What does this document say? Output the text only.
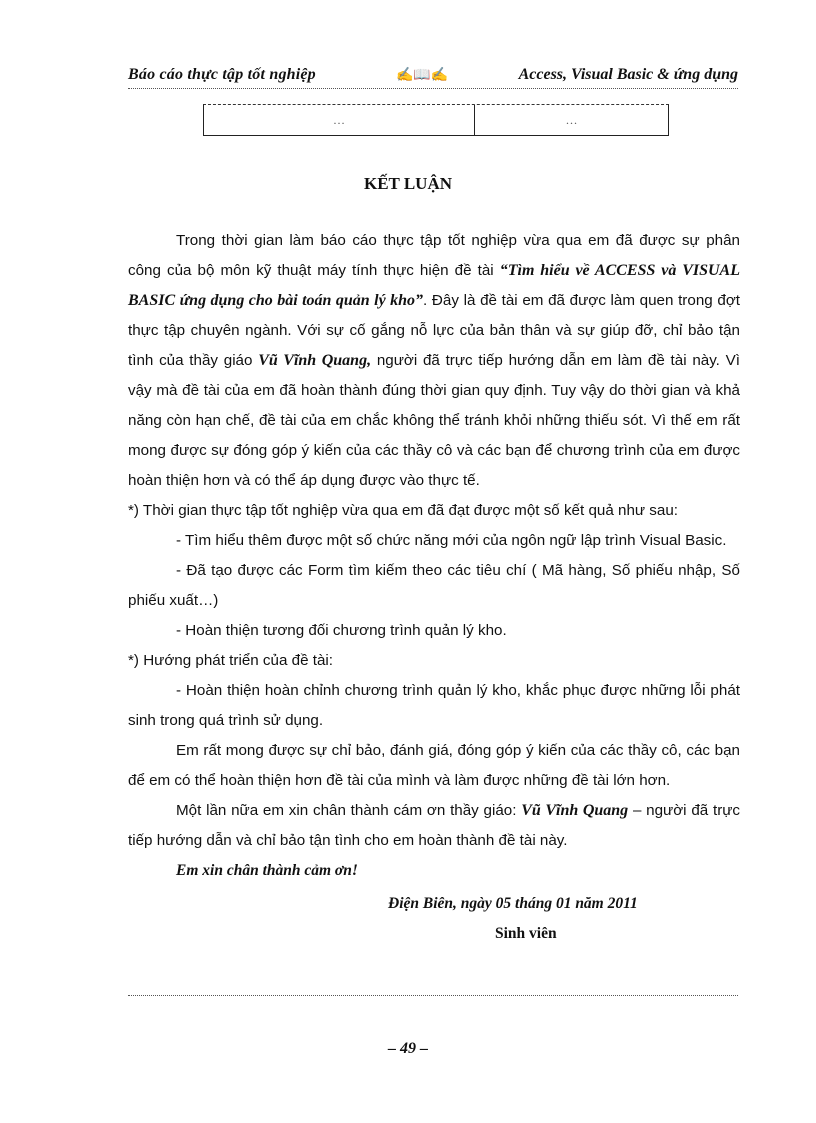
Báo cáo thực tập tốt nghiệp	✍📖✍	Access, Visual Basic & ứng dụng
…	…
KẾT LUẬN

Trong thời gian làm báo cáo thực tập tốt nghiệp vừa qua em đã được sự phân công của bộ môn kỹ thuật máy tính thực hiện đề tài “Tìm hiểu về ACCESS và VISUAL BASIC ứng dụng cho bài toán quản lý kho”. Đây là đề tài em đã được làm quen trong đợt thực tập chuyên ngành. Với sự cố gắng nỗ lực của bản thân và sự giúp đỡ, chỉ bảo tận tình của thầy giáo Vũ Vĩnh Quang, người đã trực tiếp hướng dẫn em làm đề tài này. Vì vậy mà đề tài của em đã hoàn thành đúng thời gian quy định. Tuy vậy do thời gian và khả năng còn hạn chế, đề tài của em chắc không thể tránh khỏi những thiếu sót. Vì thế em rất mong được sự đóng góp ý kiến của các thầy cô và các bạn để chương trình của em được hoàn thiện hơn và có thể áp dụng được vào thực tế.

*) Thời gian thực tập tốt nghiệp vừa qua em đã đạt được một số kết quả như sau:

- Tìm hiểu thêm được một số chức năng mới của ngôn ngữ lập trình Visual Basic.

- Đã tạo được các Form tìm kiếm theo các tiêu chí ( Mã hàng, Số phiếu nhập, Số phiếu xuất…)

- Hoàn thiện tương đối chương trình quản lý kho.

*) Hướng phát triển của đề tài:

- Hoàn thiện hoàn chỉnh chương trình quản lý kho, khắc phục được những lỗi phát sinh trong quá trình sử dụng.

Em rất mong được sự chỉ bảo, đánh giá, đóng góp ý kiến của các thầy cô, các bạn để em có thể hoàn thiện hơn đề tài của mình và làm được những đề tài lớn hơn.

Một lần nữa em xin chân thành cám ơn thầy giáo: Vũ Vĩnh Quang – người đã trực tiếp hướng dẫn và chỉ bảo tận tình cho em hoàn thành đề tài này.

Em xin chân thành cảm ơn!
Điện Biên, ngày 05 tháng 01 năm 2011
Sinh viên
– 49 –
